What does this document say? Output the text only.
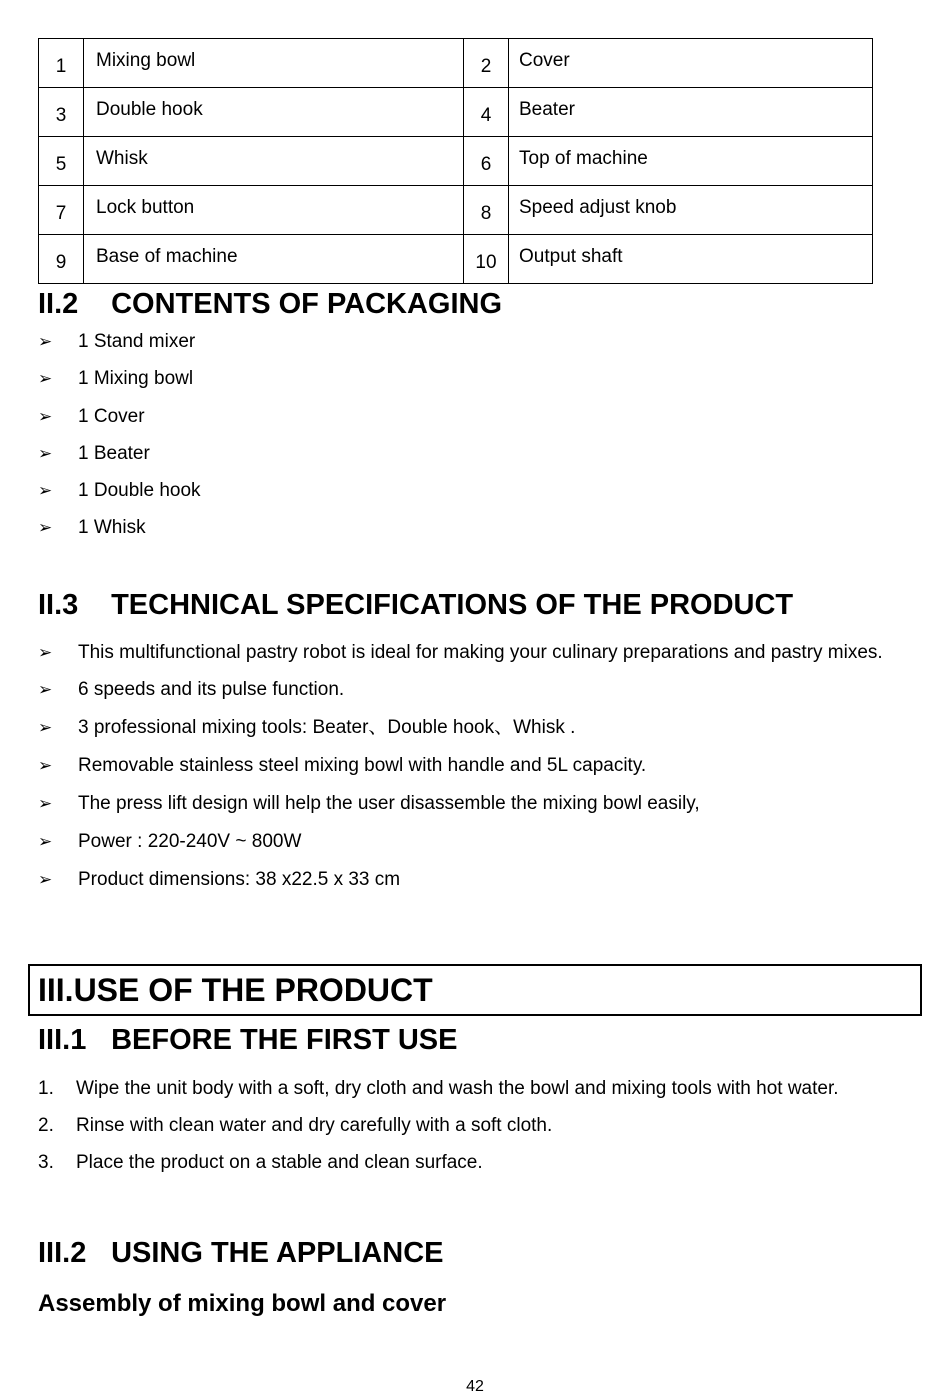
1	Mixing bowl	2	Cover
3	Double hook	4	Beater
5	Whisk	6	Top of machine
7	Lock button	8	Speed adjust knob
9	Base of machine	10	Output shaft
II.2 CONTENTS OF PACKAGING
➢ 1 Stand mixer
➢ 1 Mixing bowl
➢ 1 Cover
➢ 1 Beater
➢ 1 Double hook
➢ 1 Whisk
II.3 TECHNICAL SPECIFICATIONS OF THE PRODUCT
➢ This multifunctional pastry robot is ideal for making your culinary preparations and pastry mixes.
➢ 6 speeds and its pulse function.
➢ 3 professional mixing tools: Beater、Double hook、Whisk .
➢ Removable stainless steel mixing bowl with handle and 5L capacity.
➢ The press lift design will help the user disassemble the mixing bowl easily,
➢ Power : 220-240V ~ 800W
➢ Product dimensions: 38 x22.5 x 33 cm
III.USE OF THE PRODUCT
III.1 BEFORE THE FIRST USE
1. Wipe the unit body with a soft, dry cloth and wash the bowl and mixing tools with hot water.
2. Rinse with clean water and dry carefully with a soft cloth.
3. Place the product on a stable and clean surface.
III.2 USING THE APPLIANCE
Assembly of mixing bowl and cover
42
